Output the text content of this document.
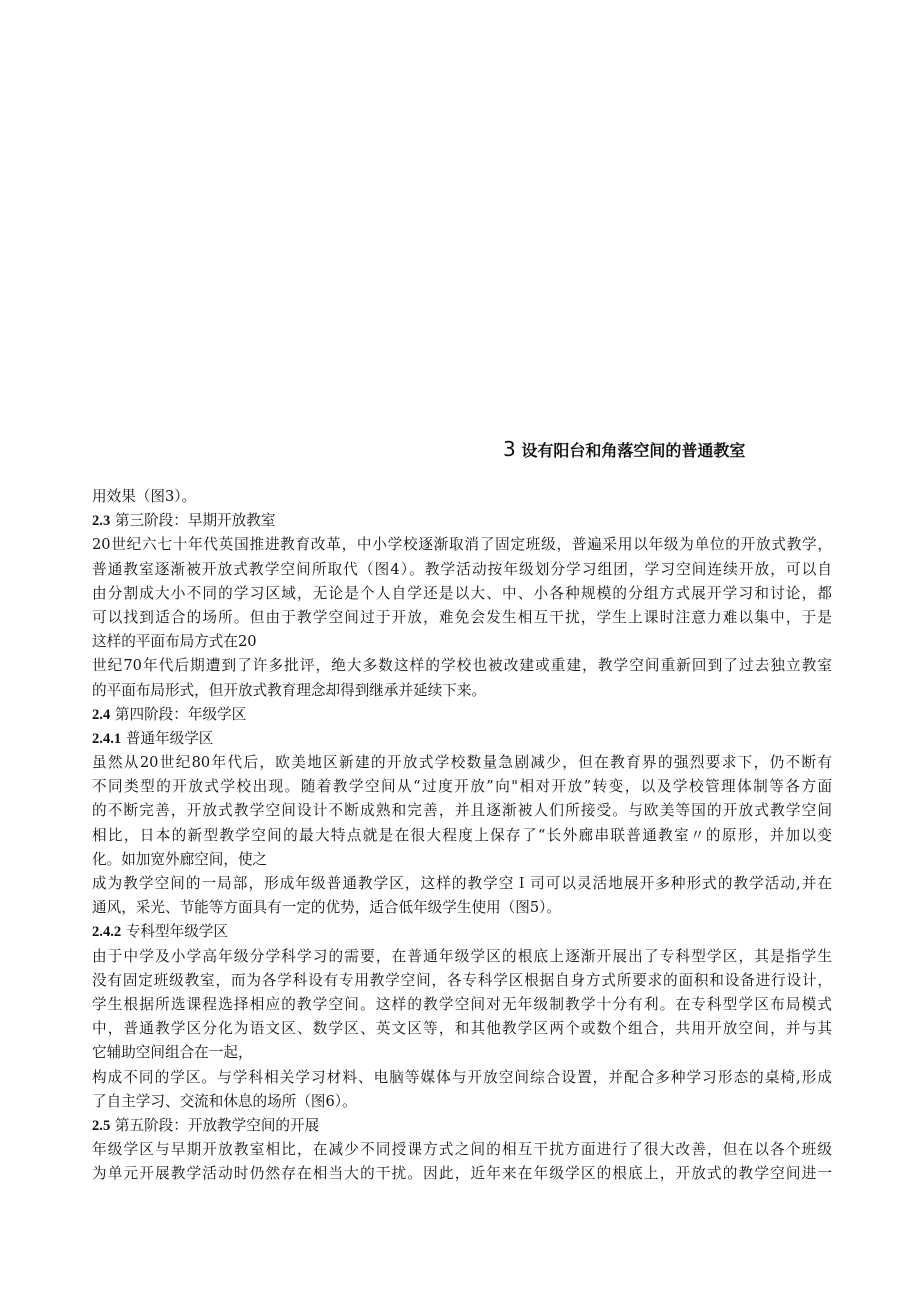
3 设有阳台和角落空间的普通教室
用效果（图3）。
2.3 第三阶段：早期开放教室
20世纪六七十年代英国推进教育改革，中小学校逐渐取消了固定班级，普遍采用以年级为单位的开放式教学，
普通教室逐渐被开放式教学空间所取代（图4）。教学活动按年级划分学习组团，学习空间连续开放，可以自
由分割成大小不同的学习区域，无论是个人自学还是以大、中、小各种规模的分组方式展开学习和讨论，都
可以找到适合的场所。但由于教学空间过于开放，难免会发生相互干扰，学生上课时注意力难以集中，于是
这样的平面布局方式在20
世纪70年代后期遭到了许多批评，绝大多数这样的学校也被改建或重建，教学空间重新回到了过去独立教室
的平面布局形式，但开放式教育理念却得到继承并延续下来。
2.4 第四阶段：年级学区
2.4.1 普通年级学区
虽然从20世纪80年代后，欧美地区新建的开放式学校数量急剧减少，但在教育界的强烈要求下，仍不断有
不同类型的开放式学校出现。随着教学空间从“过度开放”向"相对开放”转变，以及学校管理体制等各方面
的不断完善，开放式教学空间设计不断成熟和完善，并且逐渐被人们所接受。与欧美等国的开放式教学空间
相比，日本的新型教学空间的最大特点就是在很大程度上保存了“长外廊串联普通教室〃的原形，并加以变
化。如加宽外廊空间，使之
成为教学空间的一局部，形成年级普通教学区，这样的教学空Ｉ司可以灵活地展开多种形式的教学活动,并在
通风，采光、节能等方面具有一定的优势，适合低年级学生使用（图5）。
2.4.2 专科型年级学区
由于中学及小学高年级分学科学习的需要，在普通年级学区的根底上逐渐开展出了专科型学区，其是指学生
没有固定班级教室，而为各学科设有专用教学空间，各专科学区根据自身方式所要求的面积和设备进行设计，
学生根据所选课程选择相应的教学空间。这样的教学空间对无年级制教学十分有利。在专科型学区布局模式
中，普通教学区分化为语文区、数学区、英文区等，和其他教学区两个或数个组合，共用开放空间，并与其
它辅助空间组合在一起，
构成不同的学区。与学科相关学习材料、电脑等媒体与开放空间综合设置，并配合多种学习形态的桌椅,形成
了自主学习、交流和休息的场所（图6）。
2.5 第五阶段：开放教学空间的开展
年级学区与早期开放教室相比，在减少不同授课方式之间的相互干扰方面进行了很大改善，但在以各个班级
为单元开展教学活动时仍然存在相当大的干扰。因此，近年来在年级学区的根底上，开放式的教学空间进一
